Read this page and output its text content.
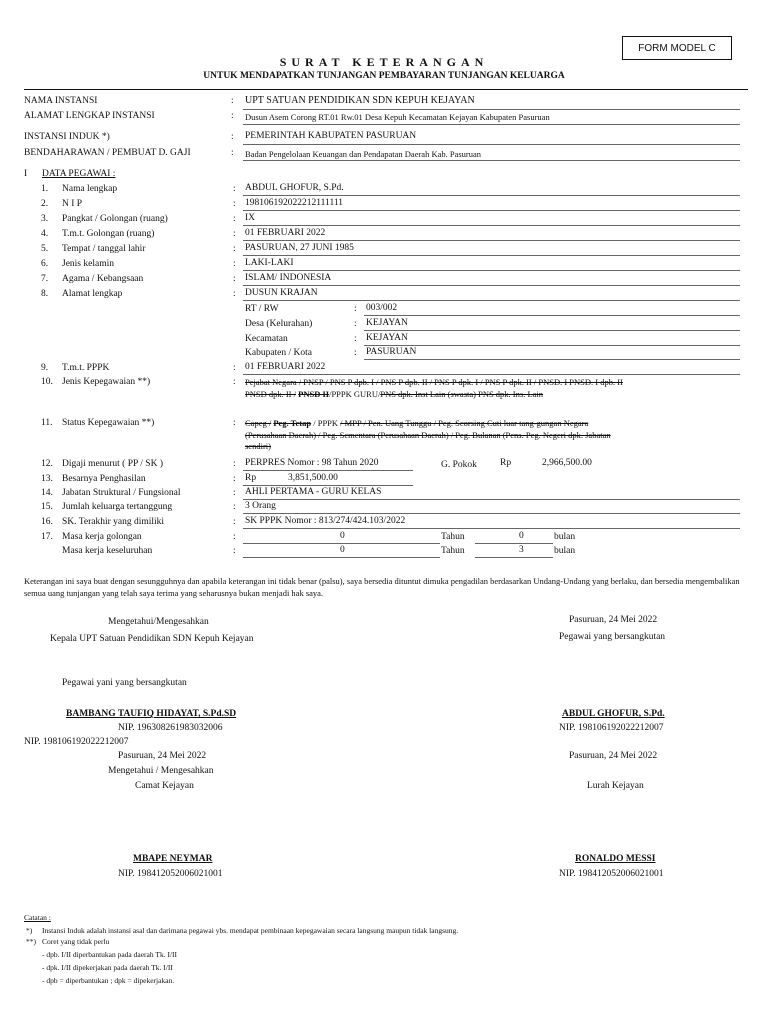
FORM MODEL C
SURAT KETERANGAN
UNTUK MENDAPATKAN TUNJANGAN PEMBAYARAN TUNJANGAN KELUARGA
NAMA INSTANSI	: UPT SATUAN PENDIDIKAN SDN KEPUH KEJAYAN
ALAMAT LENGKAP INSTANSI	: Dusun Asem Corong RT.01 Rw.01 Desa Kepuh Kecamatan Kejayan Kabupaten Pasuruan
INSTANSI INDUK *)	: PEMERINTAH KABUPATEN PASURUAN
BENDAHARAWAN / PEMBUAT D. GAJI	: Badan Pengelolaan Keuangan dan Pendapatan Daerah Kab. Pasuruan
I DATA PEGAWAI :
1. Nama lengkap	: ABDUL GHOFUR, S.Pd.
2. N I P	: 198106192022212111111
3. Pangkat / Golongan (ruang)	: IX
4. T.m.t. Golongan (ruang)	: 01 FEBRUARI 2022
5. Tempat / tanggal lahir	: PASURUAN, 27 JUNI 1985
6. Jenis kelamin	: LAKI-LAKI
7. Agama / Kebangsaan	: ISLAM/ INDONESIA
8. Alamat lengkap	: DUSUN KRAJAN
RT / RW	: 003/002
Desa (Kelurahan)	: KEJAYAN
Kecamatan	: KEJAYAN
Kabupaten / Kota	: PASURUAN
9. T.m.t. PPPK	: 01 FEBRUARI 2022
10. Jenis Kepegawaian **)	: Pejabat Negara / PNSP / PNS P dpb. I / PNS P dpb. II / PNS P dpk. I / PNS P dpk. II / PNSD. I PNSD. I dpb. II
PNSD dpk. II / PNSD II/PPPK GURU/PNS dpk. Inst Lain (swasta) PNS dpk. Ins. Lain
11. Status Kepegawaian **)	: Capeg / Peg. Tetap / PPPK / MPP / Pen. Uang Tunggu / Peg. Scorsing Cuti luar tang-gungan Negara
(Perusahaan Daerah) / Peg. Sementara (Perusahaan Daerah) / Peg. Bulanan (Pens. Peg. Negeri dpk. Jabatan
sendiri)
12. Digaji menurut ( PP / SK )	: PERPRES Nomor : 98 Tahun 2020	G. Pokok Rp	2,966,500.00
13. Besarnya Penghasilan	: Rp	3,851,500.00
14. Jabatan Struktural / Fungsional	: AHLI PERTAMA - GURU KELAS
15. Jumlah keluarga tertanggung	: 3 Orang
16. SK. Terakhir yang dimiliki	: SK PPPK Nomor : 813/274/424.103/2022
17. Masa kerja golongan	:	0	Tahun	0	bulan
Masa kerja keseluruhan	:	0	Tahun	3	bulan
Keterangan ini saya buat dengan sesungguhnya dan apabila keterangan ini tidak benar (palsu), saya bersedia dituntut dimuka pengadilan berdasarkan Undang-Undang yang berlaku, dan bersedia mengembalikan semua uang tunjangan yang telah saya terima yang seharusnya bukan menjadi hak saya.
Mengetahui/Mengesahkan
Kepala UPT Satuan Pendidikan SDN Kepuh Kejayan
Pasuruan, 24 Mei 2022
Pegawai yang bersangkutan
Pegawai yani yang bersangkutan
BAMBANG TAUFIQ HIDAYAT, S.Pd.SD
NIP. 196308261983032006
NIP. 198106192022212007
ABDUL GHOFUR, S.Pd.
NIP. 198106192022212007
Pasuruan, 24 Mei 2022
Mengetahui / Mengesahkan
Camat Kejayan
Pasuruan, 24 Mei 2022
Lurah Kejayan
MBAPE NEYMAR
NIP. 198412052006021001
RONALDO MESSI
NIP. 198412052006021001
Catatan :
*) Instansi Induk adalah instansi asal dan darimana pegawai ybs. mendapat pembinaan kepegawaian secara langsung maupun tidak langsung.
**) Coret yang tidak perlu
- dpb. I/II diperbantukan pada daerah Tk. I/II
- dpk. I/II dipekerjakan pada daerah Tk. I/II
- dpb = diperbantukan ; dpk = dipekerjakan.
